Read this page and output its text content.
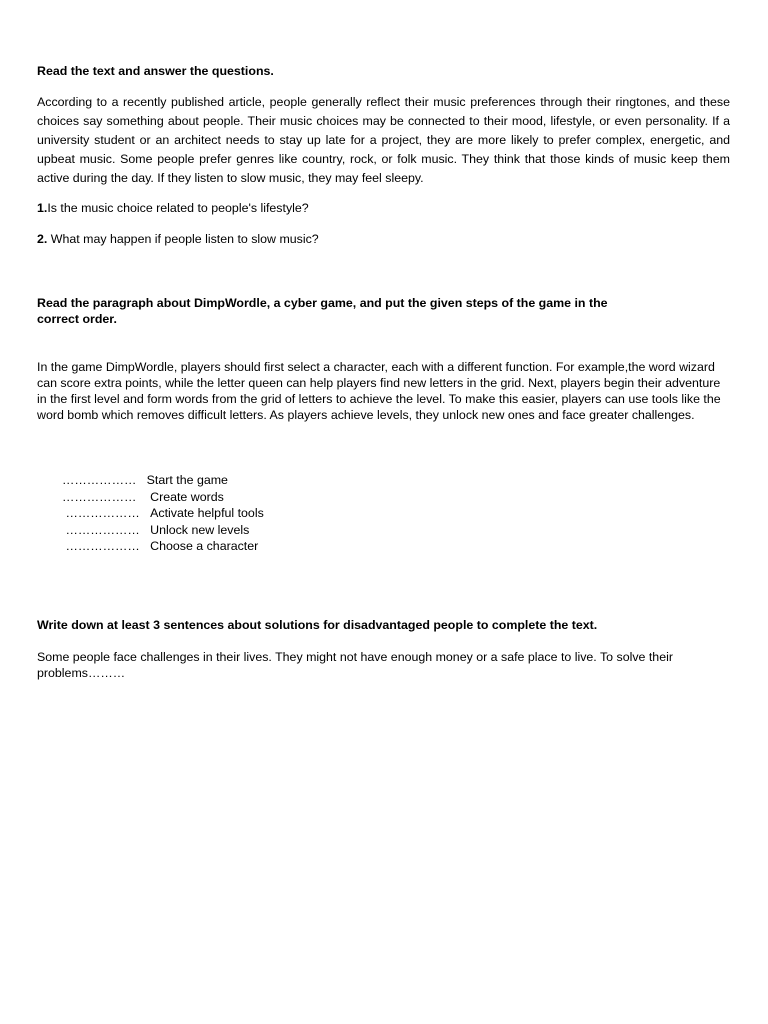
Read the text and answer the questions.
According to a recently published article, people generally reflect their music preferences through their ringtones, and these choices say something about people. Their music choices may be connected to their mood, lifestyle, or even personality. If a university student or an architect needs to stay up late for a project, they are more likely to prefer complex, energetic, and upbeat music. Some people prefer genres like country, rock, or folk music. They think that those kinds of music keep them active during the day. If they listen to slow music, they may feel sleepy.
1.Is the music choice related to people's lifestyle?
2. What may happen if people listen to slow music?
Read the paragraph about DimpWordle, a cyber game, and put the given steps of the game in the
correct order.
In the game DimpWordle, players should first select a character, each with a different function. For example,the word wizard can score extra points, while the letter queen can help players find new letters in the grid. Next, players begin their adventure in the first level and form words from the grid of letters to achieve the level. To make this easier, players can use tools like the word bomb which removes difficult letters. As players achieve levels, they unlock new ones and face greater challenges.
……………… Start the game
……………… Create words
……………… Activate helpful tools
……………… Unlock new levels
……………… Choose a character
Write down at least 3 sentences about solutions for disadvantaged people to complete the text.
Some people face challenges in their lives. They might not have enough money or a safe place to live. To solve their problems………
